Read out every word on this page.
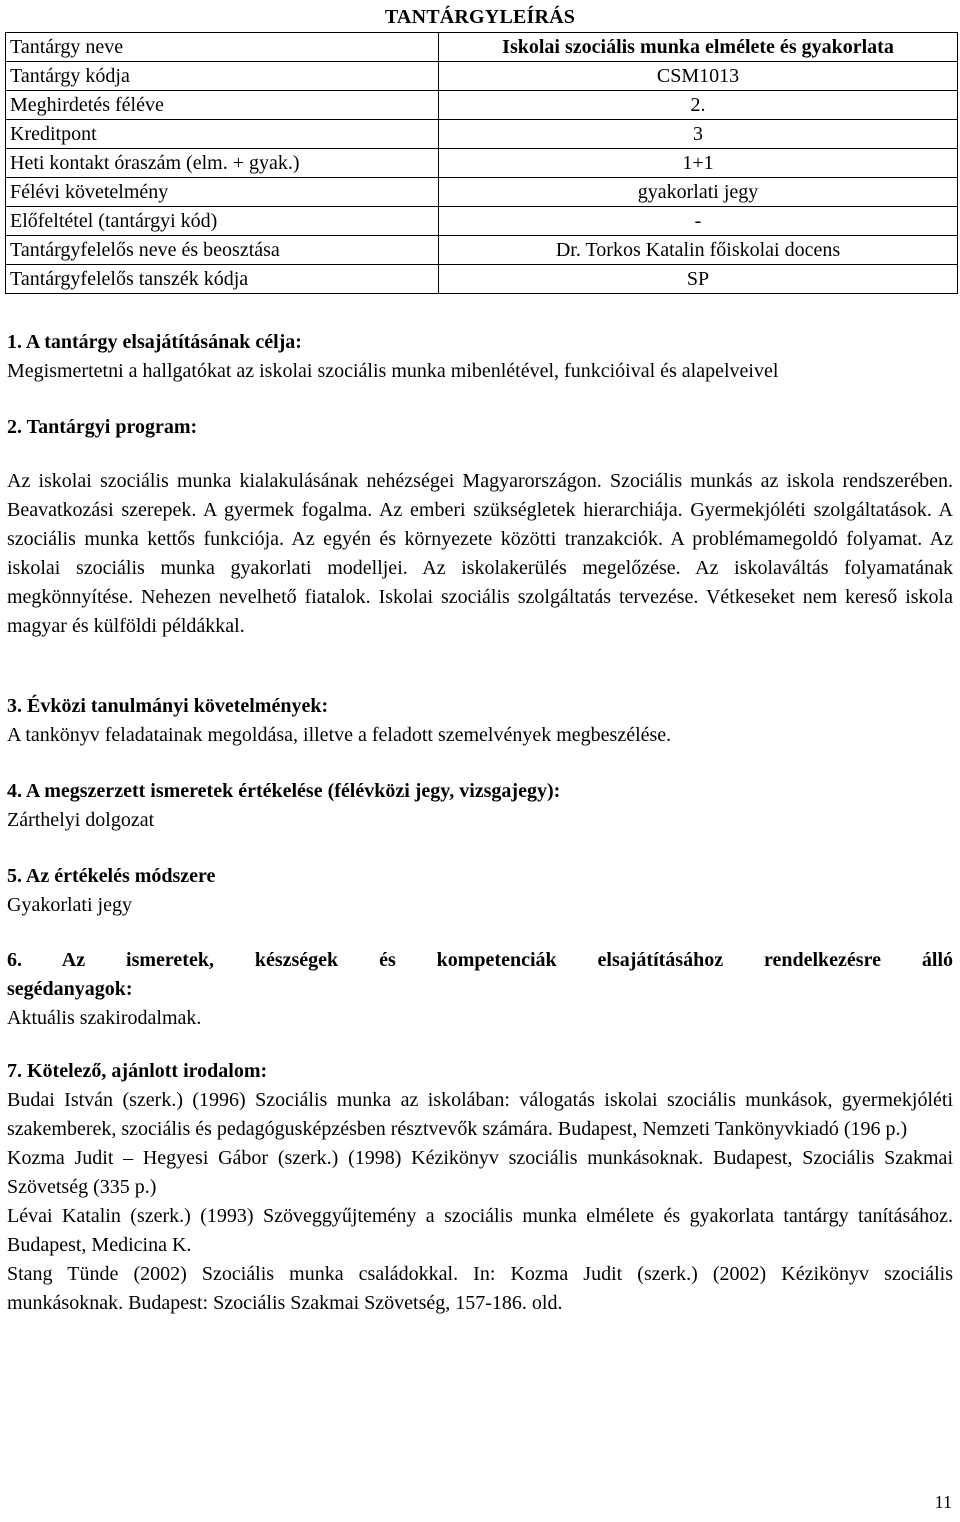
TANTÁRGYLEÍRÁS
Tantárgy neve	Iskolai szociális munka elmélete és gyakorlata
Tantárgy kódja	CSM1013
Meghirdetés féléve	2.
Kreditpont	3
Heti kontakt óraszám (elm. + gyak.)	1+1
Félévi követelmény	gyakorlati jegy
Előfeltétel (tantárgyi kód)	-
Tantárgyfelelős neve és beosztása	Dr. Torkos Katalin főiskolai docens
Tantárgyfelelős tanszék kódja	SP
1. A tantárgy elsajátításának célja:
Megismertetni a hallgatókat az iskolai szociális munka mibenlétével, funkcióival és alapelveivel
2. Tantárgyi program:
Az iskolai szociális munka kialakulásának nehézségei Magyarországon. Szociális munkás az iskola rendszerében. Beavatkozási szerepek. A gyermek fogalma. Az emberi szükségletek hierarchiája. Gyermekjóléti szolgáltatások. A szociális munka kettős funkciója. Az egyén és környezete közötti tranzakciók. A problémamegoldó folyamat. Az iskolai szociális munka gyakorlati modelljei. Az iskolakerülés megelőzése. Az iskolaváltás folyamatának megkönnyítése. Nehezen nevelhető fiatalok. Iskolai szociális szolgáltatás tervezése. Vétkeseket nem kereső iskola magyar és külföldi példákkal.
3. Évközi tanulmányi követelmények:
A tankönyv feladatainak megoldása, illetve a feladott szemelvények megbeszélése.
4. A megszerzett ismeretek értékelése (félévközi jegy, vizsgajegy):
Zárthelyi dolgozat
5. Az értékelés módszere
Gyakorlati jegy
6. Az ismeretek, készségek és kompetenciák elsajátításához rendelkezésre álló
segédanyagok:
Aktuális szakirodalmak.
7. Kötelező, ajánlott irodalom:
Budai István (szerk.) (1996) Szociális munka az iskolában: válogatás iskolai szociális munkások, gyermekjóléti szakemberek, szociális és pedagógusképzésben résztvevők számára. Budapest, Nemzeti Tankönyvkiadó (196 p.)
Kozma Judit – Hegyesi Gábor (szerk.) (1998) Kézikönyv szociális munkásoknak. Budapest, Szociális Szakmai Szövetség (335 p.)
Lévai Katalin (szerk.) (1993) Szöveggyűjtemény a szociális munka elmélete és gyakorlata tantárgy tanításához. Budapest, Medicina K.
Stang Tünde (2002) Szociális munka családokkal. In: Kozma Judit (szerk.) (2002) Kézikönyv szociális munkásoknak. Budapest: Szociális Szakmai Szövetség, 157-186. old.
11
